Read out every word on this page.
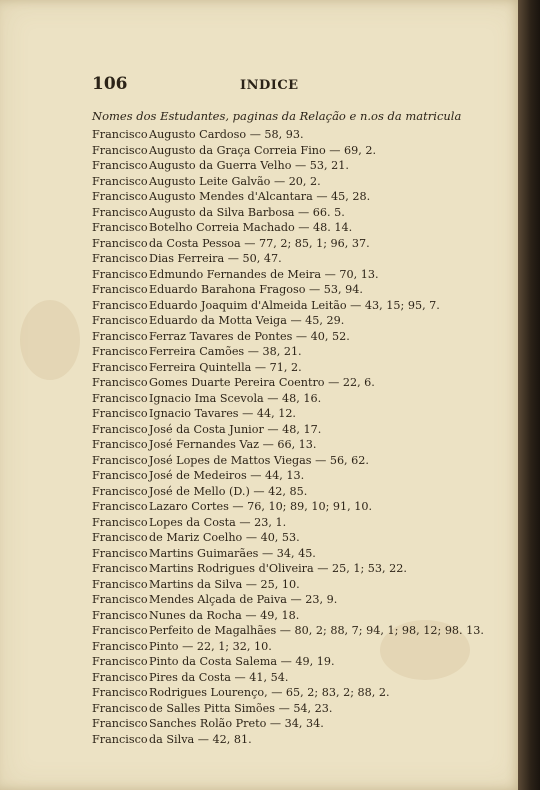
106	INDICE
Nomes dos Estudantes, paginas da Relação e n.os da matricula
FranciscoAugusto Cardoso — 58, 93.
FranciscoAugusto da Graça Correia Fino — 69, 2.
FranciscoAugusto da Guerra Velho — 53, 21.
FranciscoAugusto Leite Galvão — 20, 2.
FranciscoAugusto Mendes d'Alcantara — 45, 28.
FranciscoAugusto da Silva Barbosa — 66. 5.
FranciscoBotelho Correia Machado — 48. 14.
Franciscoda Costa Pessoa — 77, 2; 85, 1; 96, 37.
FranciscoDias Ferreira — 50, 47.
FranciscoEdmundo Fernandes de Meira — 70, 13.
FranciscoEduardo Barahona Fragoso — 53, 94.
FranciscoEduardo Joaquim d'Almeida Leitão — 43, 15; 95, 7.
FranciscoEduardo da Motta Veiga — 45, 29.
FranciscoFerraz Tavares de Pontes — 40, 52.
FranciscoFerreira Camões — 38, 21.
FranciscoFerreira Quintella — 71, 2.
FranciscoGomes Duarte Pereira Coentro — 22, 6.
FranciscoIgnacio Ima Scevola — 48, 16.
FranciscoIgnacio Tavares — 44, 12.
FranciscoJosé da Costa Junior — 48, 17.
FranciscoJosé Fernandes Vaz — 66, 13.
FranciscoJosé Lopes de Mattos Viegas — 56, 62.
FranciscoJosé de Medeiros — 44, 13.
FranciscoJosé de Mello (D.) — 42, 85.
FranciscoLazaro Cortes — 76, 10; 89, 10; 91, 10.
FranciscoLopes da Costa — 23, 1.
Franciscode Mariz Coelho — 40, 53.
FranciscoMartins Guimarães — 34, 45.
FranciscoMartins Rodrigues d'Oliveira — 25, 1; 53, 22.
FranciscoMartins da Silva — 25, 10.
FranciscoMendes Alçada de Paiva — 23, 9.
FranciscoNunes da Rocha — 49, 18.
FranciscoPerfeito de Magalhães — 80, 2; 88, 7; 94, 1; 98, 12; 98. 13.
FranciscoPinto — 22, 1; 32, 10.
FranciscoPinto da Costa Salema — 49, 19.
FranciscoPires da Costa — 41, 54.
FranciscoRodrigues Lourenço, — 65, 2; 83, 2; 88, 2.
Franciscode Salles Pitta Simões — 54, 23.
FranciscoSanches Rolão Preto — 34, 34.
Franciscoda Silva — 42, 81.
